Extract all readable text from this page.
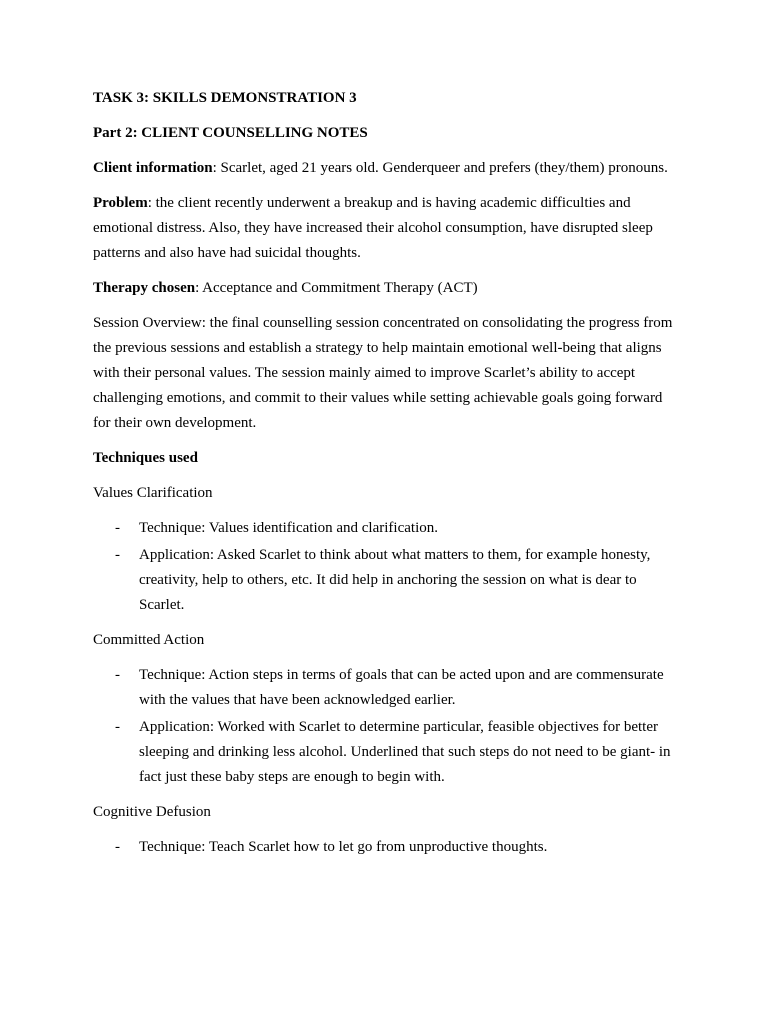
TASK 3: SKILLS DEMONSTRATION 3

Part 2: CLIENT COUNSELLING NOTES

Client information: Scarlet, aged 21 years old. Genderqueer and prefers (they/them) pronouns.

Problem: the client recently underwent a breakup and is having academic difficulties and emotional distress. Also, they have increased their alcohol consumption, have disrupted sleep patterns and also have had suicidal thoughts.

Therapy chosen: Acceptance and Commitment Therapy (ACT)

Session Overview: the final counselling session concentrated on consolidating the progress from the previous sessions and establish a strategy to help maintain emotional well-being that aligns with their personal values. The session mainly aimed to improve Scarlet’s ability to accept challenging emotions, and commit to their values while setting achievable goals going forward for their own development.

Techniques used

Values Clarification

- Technique: Values identification and clarification.
- Application: Asked Scarlet to think about what matters to them, for example honesty, creativity, help to others, etc. It did help in anchoring the session on what is dear to Scarlet.

Committed Action

- Technique: Action steps in terms of goals that can be acted upon and are commensurate with the values that have been acknowledged earlier.
- Application: Worked with Scarlet to determine particular, feasible objectives for better sleeping and drinking less alcohol. Underlined that such steps do not need to be giant- in fact just these baby steps are enough to begin with.

Cognitive Defusion

- Technique: Teach Scarlet how to let go from unproductive thoughts.
